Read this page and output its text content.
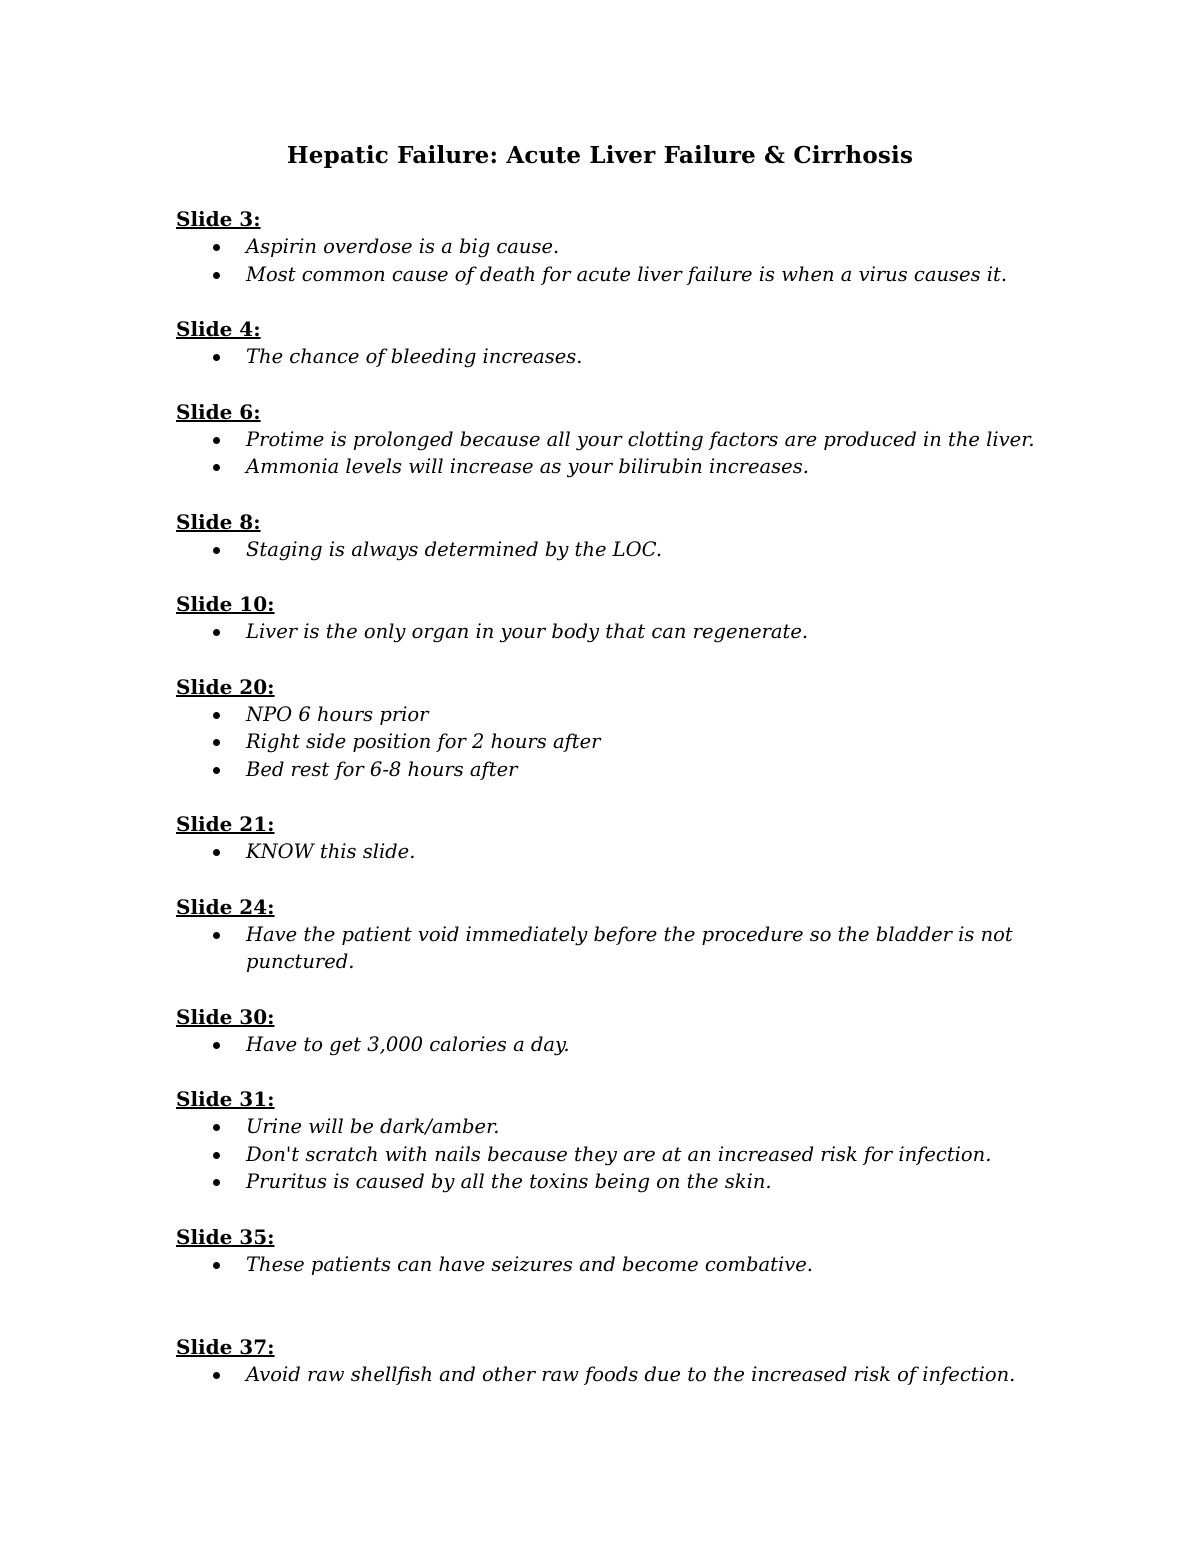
Hepatic Failure: Acute Liver Failure & Cirrhosis

Slide 3:

Aspirin overdose is a big cause.
Most common cause of death for acute liver failure is when a virus causes it.

Slide 4:

The chance of bleeding increases.

Slide 6:

Protime is prolonged because all your clotting factors are produced in the liver.
Ammonia levels will increase as your bilirubin increases.

Slide 8:

Staging is always determined by the LOC.

Slide 10:

Liver is the only organ in your body that can regenerate.

Slide 20:

NPO 6 hours prior
Right side position for 2 hours after
Bed rest for 6-8 hours after

Slide 21:

KNOW this slide.

Slide 24:

Have the patient void immediately before the procedure so the bladder is not punctured.

Slide 30:

Have to get 3,000 calories a day.

Slide 31:

Urine will be dark/amber.
Don't scratch with nails because they are at an increased risk for infection.
Pruritus is caused by all the toxins being on the skin.

Slide 35:

These patients can have seizures and become combative.

Slide 37:

Avoid raw shellfish and other raw foods due to the increased risk of infection.
